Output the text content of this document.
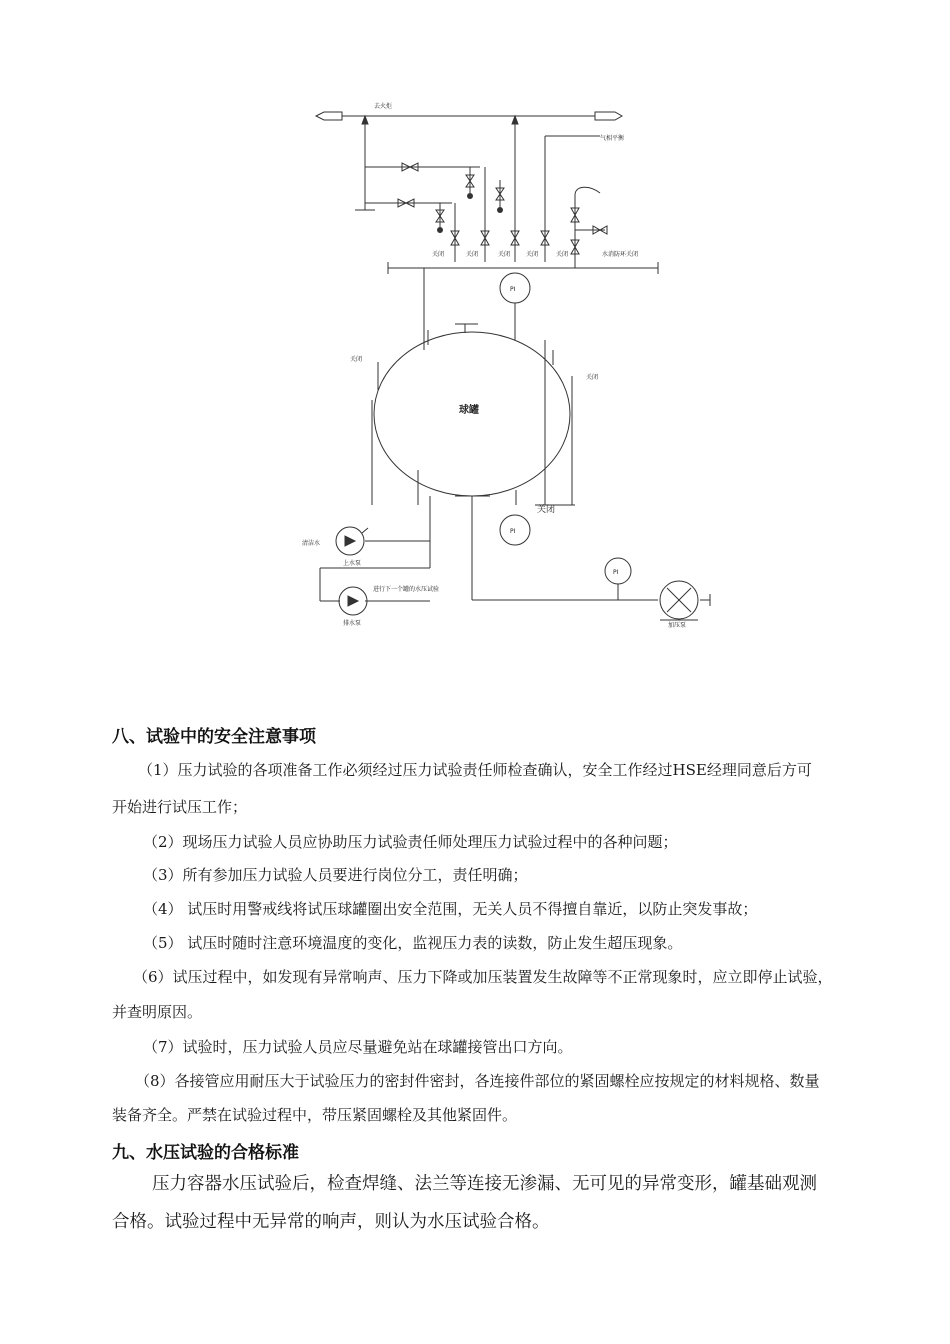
去火炬
气相平衡
关闭	关闭	关闭	关闭	关闭	水消防环关闭
PI
关闭
关闭
PI
PI
清洁水
上水泵
进行下一个罐的水压试验
排水泵	加压泵
球罐
关闭
八、试验中的安全注意事项
（1）压力试验的各项准备工作必须经过压力试验责任师检查确认，安全工作经过HSE经理同意后方可
开始进行试压工作；
（2）现场压力试验人员应协助压力试验责任师处理压力试验过程中的各种问题；
（3）所有参加压力试验人员要进行岗位分工，责任明确；
（4） 试压时用警戒线将试压球罐圈出安全范围，无关人员不得擅自靠近，以防止突发事故；
（5） 试压时随时注意环境温度的变化，监视压力表的读数，防止发生超压现象。
（6）试压过程中，如发现有异常响声、压力下降或加压装置发生故障等不正常现象时，应立即停止试验，
并查明原因。
（7）试验时，压力试验人员应尽量避免站在球罐接管出口方向。
（8）各接管应用耐压大于试验压力的密封件密封，各连接件部位的紧固螺栓应按规定的材料规格、数量
装备齐全。严禁在试验过程中，带压紧固螺栓及其他紧固件。
九、水压试验的合格标准
压力容器水压试验后，检查焊缝、法兰等连接无渗漏、无可见的异常变形，罐基础观测
合格。试验过程中无异常的响声，则认为水压试验合格。
